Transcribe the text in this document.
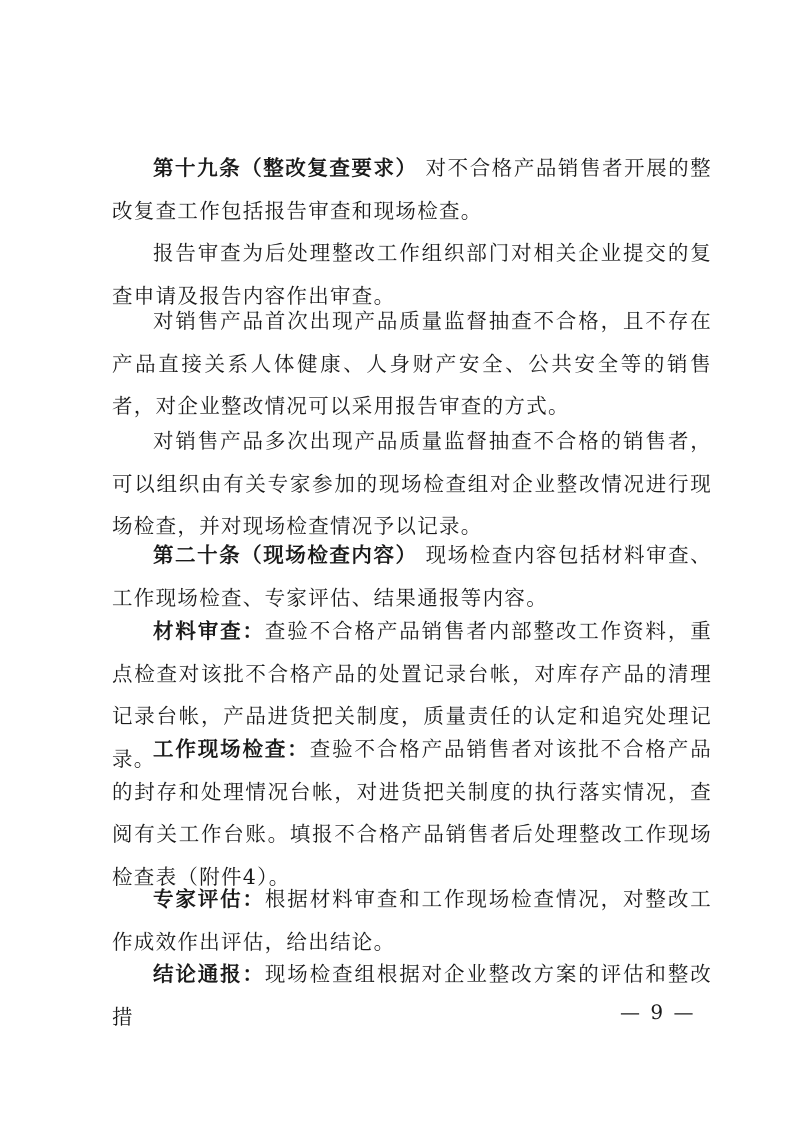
第十九条（整改复查要求） 对不合格产品销售者开展的整改复查工作包括报告审查和现场检查。

报告审查为后处理整改工作组织部门对相关企业提交的复查申请及报告内容作出审查。

对销售产品首次出现产品质量监督抽查不合格，且不存在产品直接关系人体健康、人身财产安全、公共安全等的销售者，对企业整改情况可以采用报告审查的方式。

对销售产品多次出现产品质量监督抽查不合格的销售者，可以组织由有关专家参加的现场检查组对企业整改情况进行现场检查，并对现场检查情况予以记录。

第二十条（现场检查内容） 现场检查内容包括材料审查、工作现场检查、专家评估、结果通报等内容。

材料审查：查验不合格产品销售者内部整改工作资料，重点检查对该批不合格产品的处置记录台帐，对库存产品的清理记录台帐，产品进货把关制度，质量责任的认定和追究处理记录。

工作现场检查：查验不合格产品销售者对该批不合格产品的封存和处理情况台帐，对进货把关制度的执行落实情况，查阅有关工作台账。填报不合格产品销售者后处理整改工作现场检查表（附件4）。

专家评估：根据材料审查和工作现场检查情况，对整改工作成效作出评估，给出结论。

结论通报：现场检查组根据对企业整改方案的评估和整改措	— 9 —
